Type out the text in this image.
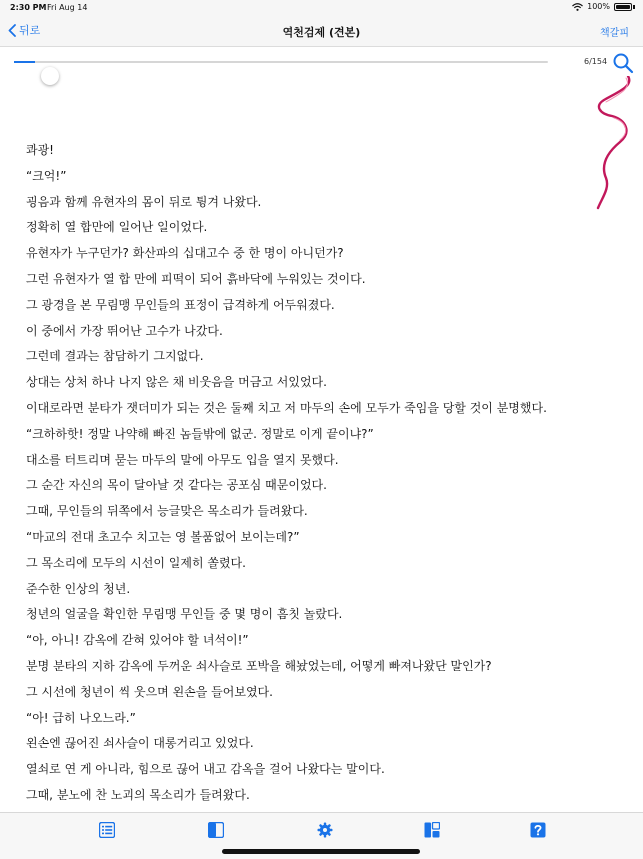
2:30 PM Fri Aug 14	100%
뒤로	역천검제 (견본)	책갈피
6/154

콰광!

“크억!”

굉음과 함께 유현자의 몸이 뒤로 튕겨 나왔다.

정확히 열 합만에 일어난 일이었다.

유현자가 누구던가? 화산파의 십대고수 중 한 명이 아니던가?

그런 유현자가 열 합 만에 피떡이 되어 흙바닥에 누워있는 것이다.

그 광경을 본 무림맹 무인들의 표정이 급격하게 어두워졌다.

이 중에서 가장 뛰어난 고수가 나갔다.

그런데 결과는 참담하기 그지없다.

상대는 상처 하나 나지 않은 채 비웃음을 머금고 서있었다.

이대로라면 분타가 잿더미가 되는 것은 둘째 치고 저 마두의 손에 모두가 죽임을 당할 것이 분명했다.

“크하하핫! 정말 나약해 빠진 놈들밖에 없군. 정말로 이게 끝이냐?”

대소를 터트리며 묻는 마두의 말에 아무도 입을 열지 못했다.

그 순간 자신의 목이 달아날 것 같다는 공포심 때문이었다.

그때, 무인들의 뒤쪽에서 능글맞은 목소리가 들려왔다.

“마교의 전대 초고수 치고는 영 볼품없어 보이는데?”

그 목소리에 모두의 시선이 일제히 쏠렸다.

준수한 인상의 청년.

청년의 얼굴을 확인한 무림맹 무인들 중 몇 명이 흠칫 놀랐다.

“아, 아니! 감옥에 갇혀 있어야 할 녀석이!”

분명 분타의 지하 감옥에 두꺼운 쇠사슬로 포박을 해놨었는데, 어떻게 빠져나왔단 말인가?

그 시선에 청년이 씩 웃으며 왼손을 들어보였다.

“아! 급히 나오느라.”

왼손엔 끊어진 쇠사슬이 대롱거리고 있었다.

열쇠로 연 게 아니라, 힘으로 끊어 내고 감옥을 걸어 나왔다는 말이다.

그때, 분노에 찬 노괴의 목소리가 들려왔다.
